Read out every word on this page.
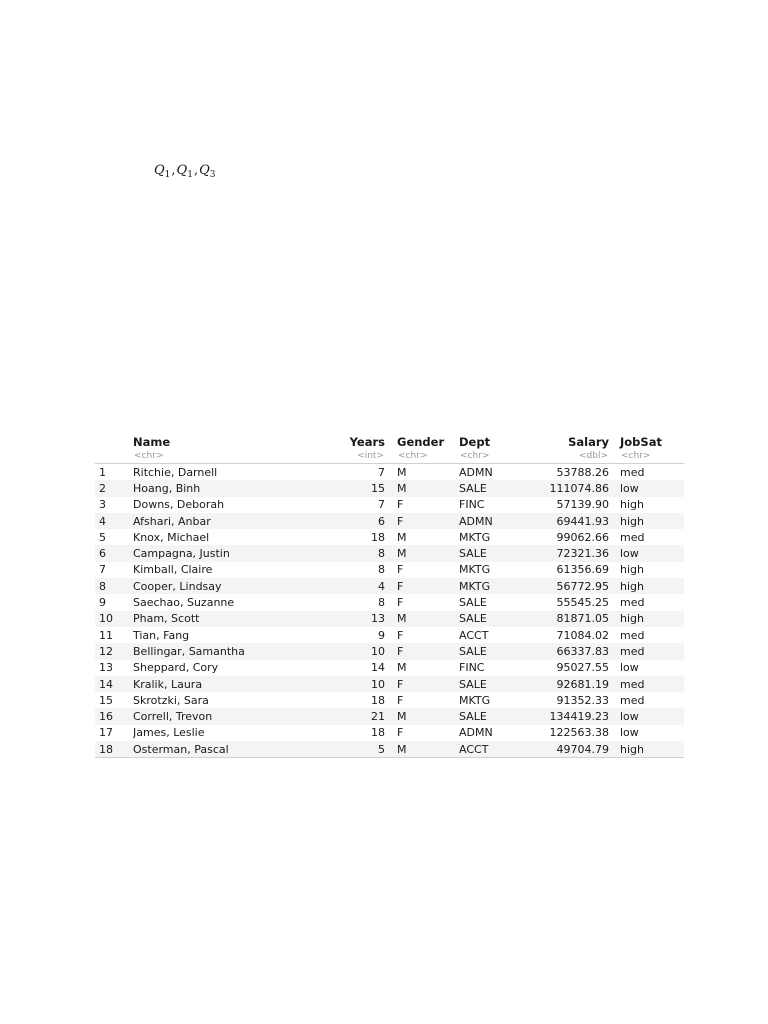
$Q_1,Q_1,Q_3$
	Name	Years		Gender	Dept	Salary		JobSat
	<chr>	<int>		<chr>	<chr>	<dbl>		<chr>
1	Ritchie, Darnell	7		M	ADMN	53788.26		med
2	Hoang, Binh	15		M	SALE	111074.86		low
3	Downs, Deborah	7		F	FINC	57139.90		high
4	Afshari, Anbar	6		F	ADMN	69441.93		high
5	Knox, Michael	18		M	MKTG	99062.66		med
6	Campagna, Justin	8		M	SALE	72321.36		low
7	Kimball, Claire	8		F	MKTG	61356.69		high
8	Cooper, Lindsay	4		F	MKTG	56772.95		high
9	Saechao, Suzanne	8		F	SALE	55545.25		med
10	Pham, Scott	13		M	SALE	81871.05		high
11	Tian, Fang	9		F	ACCT	71084.02		med
12	Bellingar, Samantha	10		F	SALE	66337.83		med
13	Sheppard, Cory	14		M	FINC	95027.55		low
14	Kralik, Laura	10		F	SALE	92681.19		med
15	Skrotzki, Sara	18		F	MKTG	91352.33		med
16	Correll, Trevon	21		M	SALE	134419.23		low
17	James, Leslie	18		F	ADMN	122563.38		low
18	Osterman, Pascal	5		M	ACCT	49704.79		high
